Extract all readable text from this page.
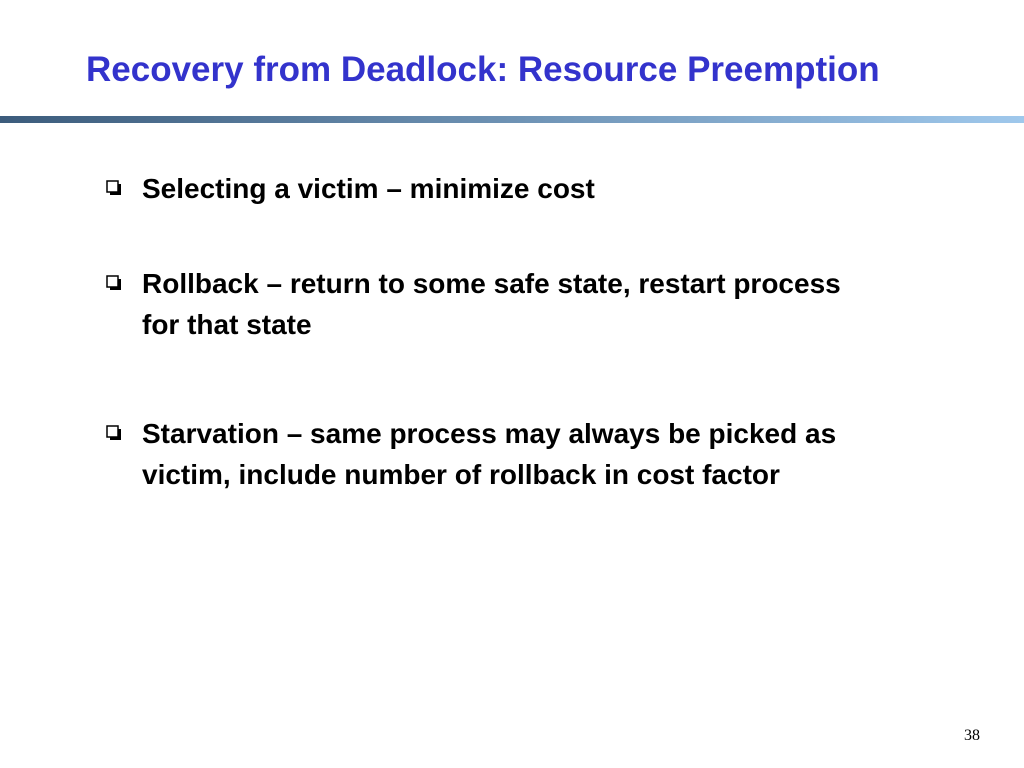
Recovery from Deadlock: Resource Preemption
Selecting a victim – minimize cost
Rollback – return to some safe state, restart process for that state
Starvation – same process may always be picked as victim, include number of rollback in cost factor
38
